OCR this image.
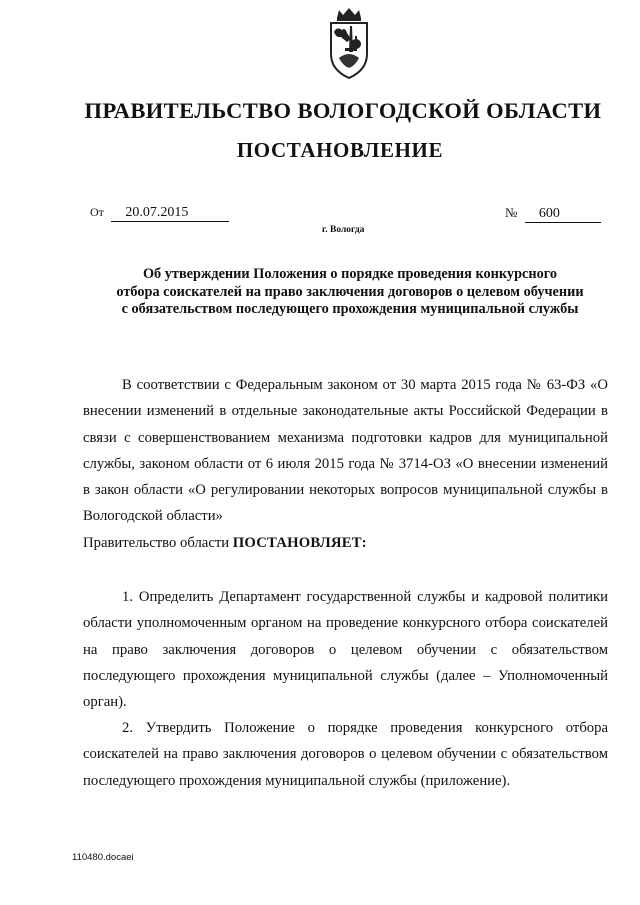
ПРАВИТЕЛЬСТВО ВОЛОГОДСКОЙ ОБЛАСТИ
ПОСТАНОВЛЕНИЕ
От 20.07.2015	№ 600
г. Вологда
Об утверждении Положения о порядке проведения конкурсного
отбора соискателей на право заключения договоров о целевом обучении
с обязательством последующего прохождения муниципальной службы
В соответствии с Федеральным законом от 30 марта 2015 года № 63-ФЗ «О внесении изменений в отдельные законодательные акты Российской Федерации в связи с совершенствованием механизма подготовки кадров для муниципальной службы, законом области от 6 июля 2015 года № 3714-ОЗ «О внесении изменений в закон области «О регулировании некоторых вопросов муниципальной службы в Вологодской области»
Правительство области ПОСТАНОВЛЯЕТ:
1. Определить Департамент государственной службы и кадровой политики области уполномоченным органом на проведение конкурсного отбора соискателей на право заключения договоров о целевом обучении с обязательством последующего прохождения муниципальной службы (далее – Уполномоченный орган).
2. Утвердить Положение о порядке проведения конкурсного отбора соискателей на право заключения договоров о целевом обучении с обязательством последующего прохождения муниципальной службы (приложение).
110480.docaei
